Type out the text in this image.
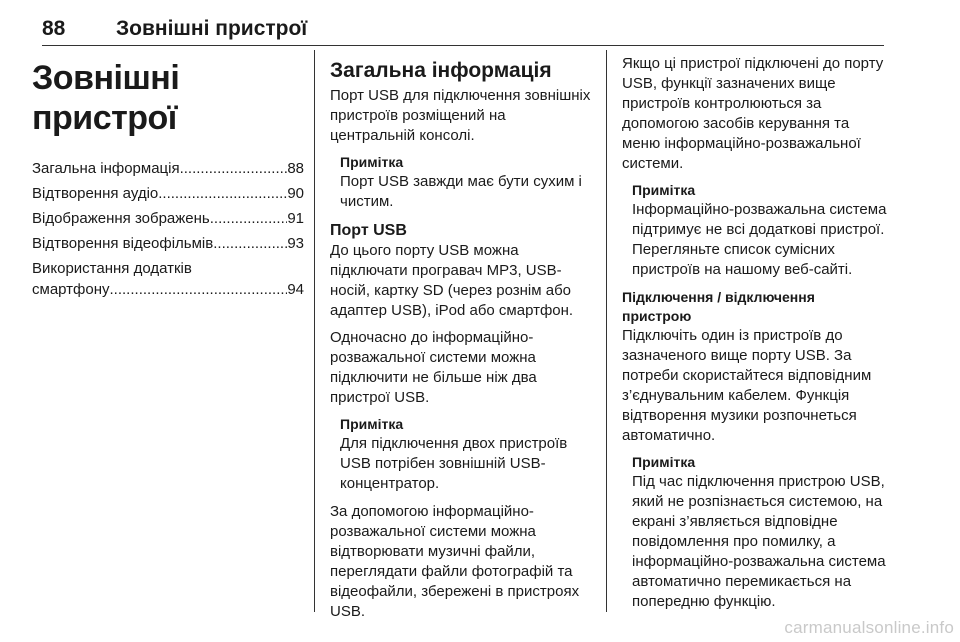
88	Зовнішні пристрої
Зовнішні пристрої
Загальна інформація .....	88
Відтворення аудіо .....	90
Відображення зображень .....	91
Відтворення відеофільмів .....	93
Використання додатків
смартфону .....	94
Загальна інформація

Порт USB для підключення зовнішніх пристроїв розміщений на центральній консолі.

Примітка
Порт USB завжди має бути сухим і чистим.
Порт USB

До цього порту USB можна підключати програвач MP3, USB-носій, картку SD (через рознім або адаптер USB), iPod або смартфон.

Одночасно до інформаційно-розважальної системи можна підключити не більше ніж два пристрої USB.

Примітка
Для підключення двох пристроїв USB потрібен зовнішній USB-концентратор.

За допомогою інформаційно-розважальної системи можна відтворювати музичні файли, переглядати файли фотографій та відеофайли, збережені в пристроях USB.

Якщо ці пристрої підключені до порту USB, функції зазначених вище пристроїв контролюються за допомогою засобів керування та меню інформаційно-розважальної системи.

Примітка
Інформаційно-розважальна система підтримує не всі додаткові пристрої. Перегляньте список сумісних пристроїв на нашому веб-сайті.
Підключення / відключення пристрою

Підключіть один із пристроїв до зазначеного вище порту USB. За потреби скористайтеся відповідним з’єднувальним кабелем. Функція відтворення музики розпочнеться автоматично.

Примітка
Під час підключення пристрою USB, який не розпізнається системою, на екрані з’являється відповідне повідомлення про помилку, а інформаційно-розважальна система автоматично перемикається на попередню функцію.
carmanualsonline.info
